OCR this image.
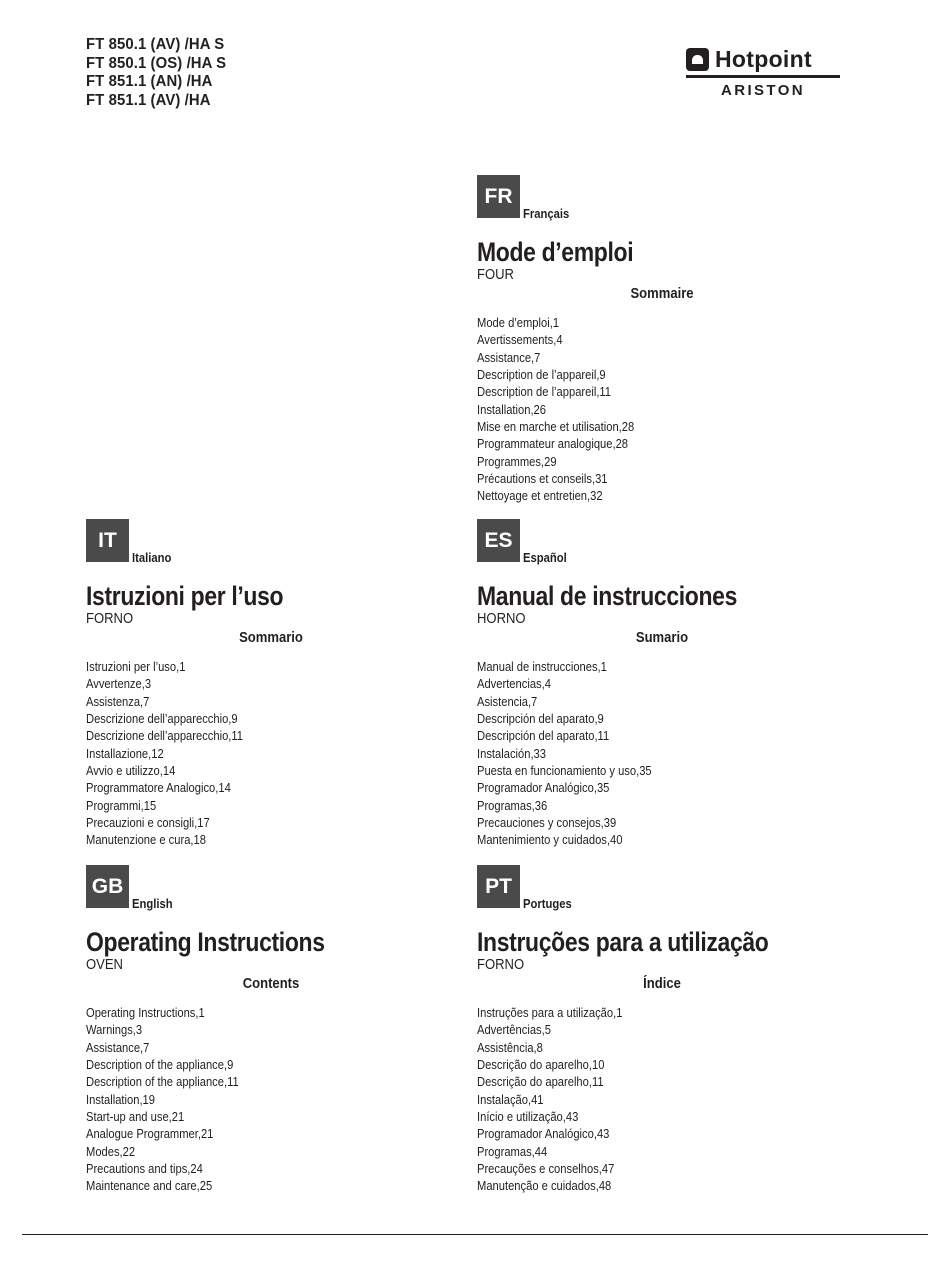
FT 850.1 (AV) /HA S
FT 850.1 (OS) /HA S
FT 851.1 (AN) /HA
FT 851.1 (AV) /HA
Hotpoint
ARISTON
FR
Français
Mode d’emploi
FOUR
Sommaire
Mode d’emploi,1
Avertissements,4
Assistance,7
Description de l’appareil,9
Description de l’appareil,11
Installation,26
Mise en marche et utilisation,28
Programmateur analogique,28
Programmes,29
Précautions et conseils,31
Nettoyage et entretien,32
IT
Italiano
Istruzioni per l’uso
FORNO
Sommario
Istruzioni per l’uso,1
Avvertenze,3
Assistenza,7
Descrizione dell’apparecchio,9
Descrizione dell’apparecchio,11
Installazione,12
Avvio e utilizzo,14
Programmatore Analogico,14
Programmi,15
Precauzioni e consigli,17
Manutenzione e cura,18
ES
Español
Manual de instrucciones
HORNO
Sumario
Manual de instrucciones,1
Advertencias,4
Asistencia,7
Descripción del aparato,9
Descripción del aparato,11
Instalación,33
Puesta en funcionamiento y uso,35
Programador Analógico,35
Programas,36
Precauciones y consejos,39
Mantenimiento y cuidados,40
GB
English
Operating Instructions
OVEN
Contents
Operating Instructions,1
Warnings,3
Assistance,7
Description of the appliance,9
Description of the appliance,11
Installation,19
Start-up and use,21
Analogue Programmer,21
Modes,22
Precautions and tips,24
Maintenance and care,25
PT
Portuges
Instruções para a utilização
FORNO
Índice
Instruções para a utilização,1
Advertências,5
Assistência,8
Descrição do aparelho,10
Descrição do aparelho,11
Instalação,41
Início e utilização,43
Programador Analógico,43
Programas,44
Precauções e conselhos,47
Manutenção e cuidados,48
